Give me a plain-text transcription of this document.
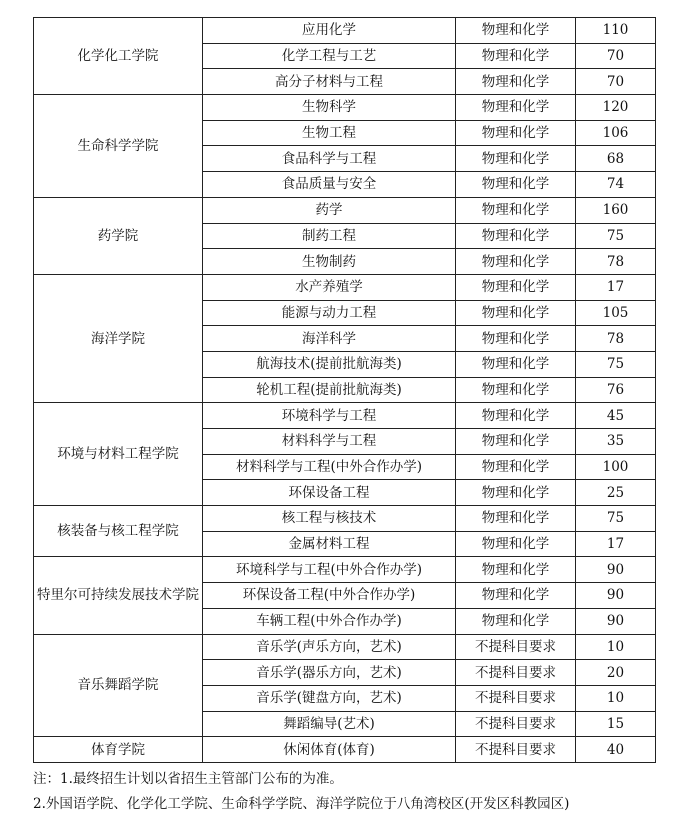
化学化工学院	应用化学	物理和化学	110
	化学工程与工艺	物理和化学	70
	高分子材料与工程	物理和化学	70
生命科学学院	生物科学	物理和化学	120
	生物工程	物理和化学	106
	食品科学与工程	物理和化学	68
	食品质量与安全	物理和化学	74
药学院	药学	物理和化学	160
	制药工程	物理和化学	75
	生物制药	物理和化学	78
海洋学院	水产养殖学	物理和化学	17
	能源与动力工程	物理和化学	105
	海洋科学	物理和化学	78
	航海技术(提前批航海类)	物理和化学	75
	轮机工程(提前批航海类)	物理和化学	76
环境与材料工程学院	环境科学与工程	物理和化学	45
	材料科学与工程	物理和化学	35
	材料科学与工程(中外合作办学)	物理和化学	100
	环保设备工程	物理和化学	25
核装备与核工程学院	核工程与核技术	物理和化学	75
	金属材料工程	物理和化学	17
特里尔可持续发展技术学院	环境科学与工程(中外合作办学)	物理和化学	90
	环保设备工程(中外合作办学)	物理和化学	90
	车辆工程(中外合作办学)	物理和化学	90
音乐舞蹈学院	音乐学(声乐方向，艺术)	不提科目要求	10
	音乐学(器乐方向，艺术)	不提科目要求	20
	音乐学(键盘方向，艺术)	不提科目要求	10
	舞蹈编导(艺术)	不提科目要求	15
体育学院	休闲体育(体育)	不提科目要求	40
注：1.最终招生计划以省招生主管部门公布的为准。
2.外国语学院、化学化工学院、生命科学学院、海洋学院位于八角湾校区(开发区科教园区)
